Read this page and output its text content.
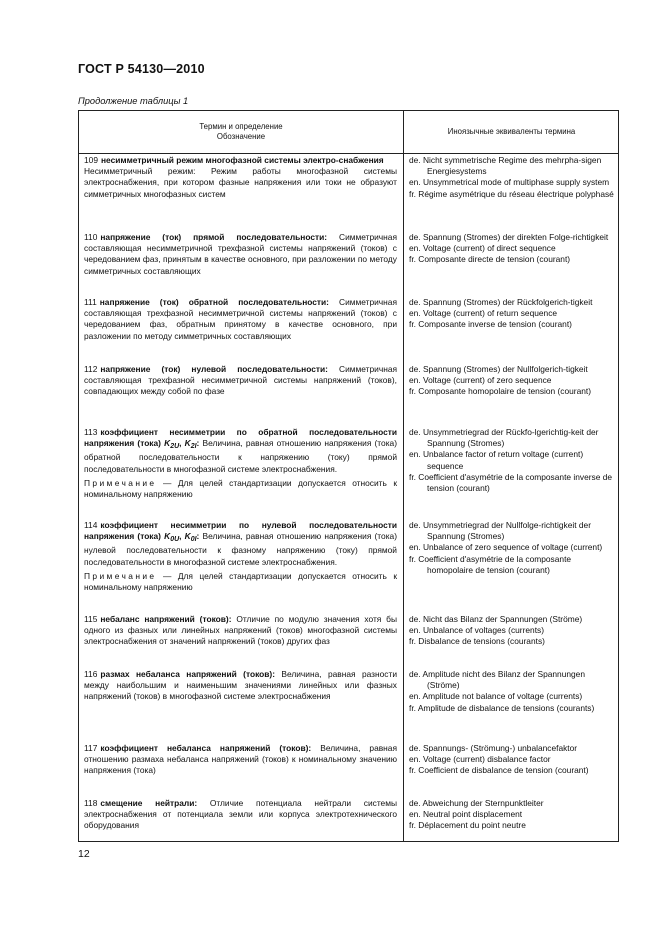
ГОСТ Р 54130—2010
Продолжение таблицы 1
Термин и определение
Обозначение
Иноязычные эквиваленты термина

109 несимметричный режим многофазной системы электро-снабжения

Несимметричный режим: Режим работы многофазной системы электроснабжения, при котором фазные напряжения или токи не образуют симметричных многофазных систем

de. Nicht symmetrische Regime des mehrpha-sigen Energiesystems
en. Unsymmetrical mode of multiphase supply system
fr. Régime asymétrique du réseau électrique polyphasé

110 напряжение (ток) прямой последовательности: Симметричная составляющая несимметричной трехфазной системы напряжений (токов) с чередованием фаз, принятым в качестве основного, при разложении по методу симметричных составляющих

de. Spannung (Stromes) der direkten Folge-richtigkeit
en. Voltage (current) of direct sequence
fr. Composante directe de tension (courant)

111 напряжение (ток) обратной последовательности: Симметричная составляющая трехфазной несимметричной системы напряжений (токов) с чередованием фаз, обратным принятому в качестве основного, при разложении по методу симметричных составляющих

de. Spannung (Stromes) der Rückfolgerich-tigkeit
en. Voltage (current) of return sequence
fr. Composante inverse de tension (courant)

112 напряжение (ток) нулевой последовательности: Симметричная составляющая трехфазной несимметричной системы напряжений (токов), совпадающих между собой по фазе

de. Spannung (Stromes) der Nullfolgerich-tigkeit
en. Voltage (current) of zero sequence
fr. Composante homopolaire de tension (courant)

113 коэффициент несимметрии по обратной последовательности напряжения (тока) $K_{2U}$, $K_{2I}$: Величина, равная отношению напряжения (тока) обратной последовательности к напряжению (току) прямой последовательности в многофазной системе электроснабжения.

Примечание — Для целей стандартизации допускается относить к номинальному напряжению

de. Unsymmetriegrad der Rückfo-lgerichtig-keit der Spannung (Stromes)
en. Unbalance factor of return voltage (current) sequence
fr. Coefficient d'asymétrie de la composante inverse de tension (courant)

114 коэффициент несимметрии по нулевой последовательности напряжения (тока) $K_{0U}$, $K_{0I}$: Величина, равная отношению напряжения (тока) нулевой последовательности к фазному напряжению (току) прямой последовательности в многофазной системе электроснабжения.

Примечание — Для целей стандартизации допускается относить к номинальному напряжению

de. Unsymmetriegrad der Nullfolge-richtigkeit der Spannung (Stromes)
en. Unbalance of zero sequence of voltage (current)
fr. Coefficient d'asymétrie de la composante homopolaire de tension (courant)

115 небаланс напряжений (токов): Отличие по модулю значения хотя бы одного из фазных или линейных напряжений (токов) многофазной системы электроснабжения от значений напряжений (токов) других фаз

de. Nicht das Bilanz der Spannungen (Ströme)
en. Unbalance of voltages (currents)
fr. Disbalance de tensions (courants)

116 размах небаланса напряжений (токов): Величина, равная разности между наибольшим и наименьшим значениями линейных или фазных напряжений (токов) в многофазной системе электроснабжения

de. Amplitude nicht des Bilanz der Spannungen (Ströme)
en. Amplitude not balance of voltage (currents)
fr. Amplitude de disbalance de tensions (courants)

117 коэффициент небаланса напряжений (токов): Величина, равная отношению размаха небаланса напряжений (токов) к номинальному значению напряжения (тока)

de. Spannungs- (Strömung-) unbalancefaktor
en. Voltage (current) disbalance factor
fr. Coefficient de disbalance de tension (courant)

118 смещение нейтрали: Отличие потенциала нейтрали системы электроснабжения от потенциала земли или корпуса электротехнического оборудования

de. Abweichung der Sternpunktleiter
en. Neutral point displacement
fr. Déplacement du point neutre
12
